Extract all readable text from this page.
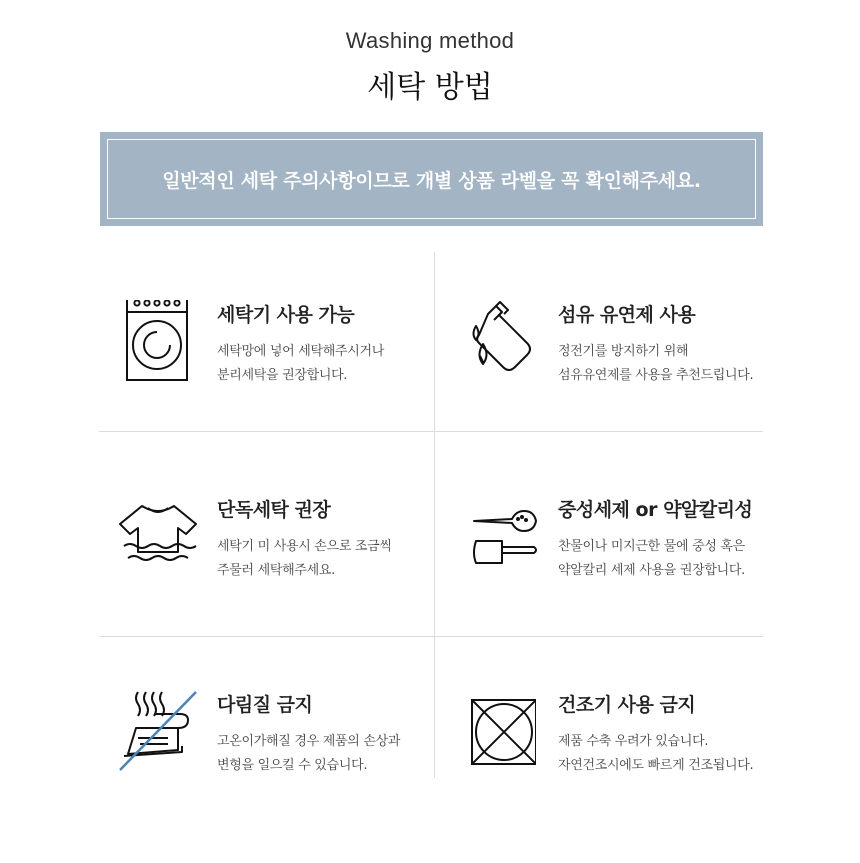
Washing method
세탁 방법
일반적인 세탁 주의사항이므로 개별 상품 라벨을 꼭 확인해주세요.
세탁기 사용 가능
세탁망에 넣어 세탁해주시거나
분리세탁을 권장합니다.
섬유 유연제 사용
정전기를 방지하기 위해
섬유유연제를 사용을 추천드립니다.
단독세탁 권장
세탁기 미 사용시 손으로 조금씩
주물러 세탁해주세요.
중성세제 or 약알칼리성
찬물이나 미지근한 물에 중성 혹은
약알칼리 세제 사용을 권장합니다.
다림질 금지
고온이가해질 경우 제품의 손상과
변형을 일으킬 수 있습니다.
건조기 사용 금지
제품 수축 우려가 있습니다.
자연건조시에도 빠르게 건조됩니다.
